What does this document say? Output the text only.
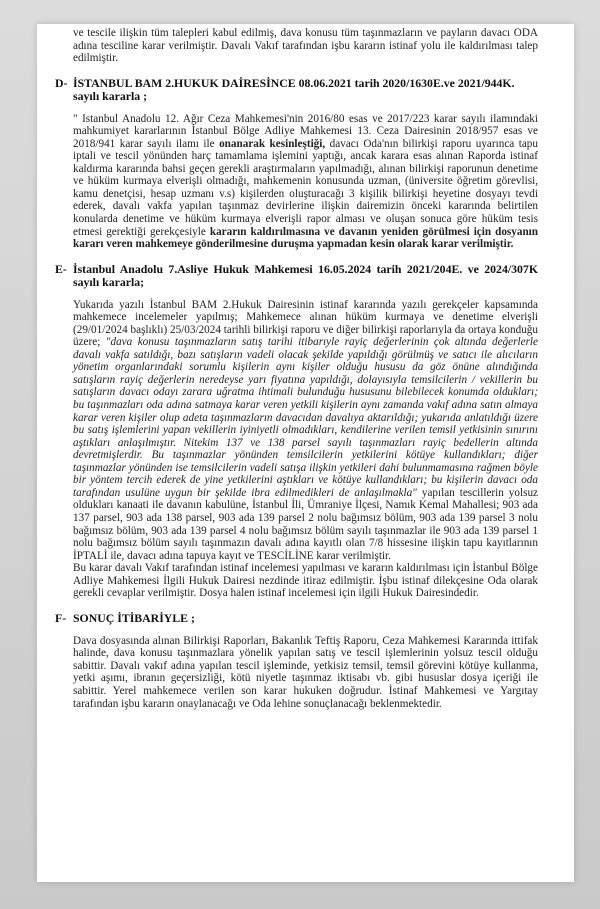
ve tescile ilişkin tüm talepleri kabul edilmiş, dava konusu tüm taşınmazların ve payların davacı ODA adına tesciline karar verilmiştir. Davalı Vakıf tarafından işbu kararın istinaf yolu ile kaldırılması talep edilmiştir.

D- İSTANBUL BAM 2.HUKUK DAİRESİNCE 08.06.2021 tarih 2020/1630E.ve 2021/944K. sayılı kararla ;

" Istanbul Anadolu 12. Ağır Ceza Mahkemesi'nin 2016/80 esas ve 2017/223 karar sayılı ilamındaki mahkumiyet kararlarının İstanbul Bölge Adliye Mahkemesi 13. Ceza Dairesinin 2018/957 esas ve 2018/941 karar sayılı ilamı ile onanarak kesinleştiği, davacı Oda'nın bilirkişi raporu uyarınca tapu iptali ve tescil yönünden harç tamamlama işlemini yaptığı, ancak karara esas alınan Raporda istinaf kaldırma kararında bahsi geçen gerekli araştırmaların yapılmadığı, alınan bilirkişi raporunun denetime ve hüküm kurmaya elverişli olmadığı, mahkemenin konusunda uzman, (üniversite öğretim görevlisi, kamu denetçisi, hesap uzmanı v.s) kişilerden oluşturacağı 3 kişilik bilirkişi heyetine dosyayı tevdi ederek, davalı vakfa yapılan taşınmaz devirlerine ilişkin dairemizin önceki kararında belirtilen konularda denetime ve hüküm kurmaya elverişli rapor alması ve oluşan sonuca göre hüküm tesis etmesi gerektiği gerekçesiyle kararın kaldırılmasına ve davanın yeniden görülmesi için dosyanın kararı veren mahkemeye gönderilmesine duruşma yapmadan kesin olarak karar verilmiştir.

E- İstanbul Anadolu 7.Asliye Hukuk Mahkemesi 16.05.2024 tarih 2021/204E. ve 2024/307K sayılı kararla;

Yukarıda yazılı İstanbul BAM 2.Hukuk Dairesinin istinaf kararında yazılı gerekçeler kapsamında mahkemece incelemeler yapılmış; Mahkemece alınan hüküm kurmaya ve denetime elverişli (29/01/2024 başlıklı) 25/03/2024 tarihli bilirkişi raporu ve diğer bilirkişi raporlarıyla da ortaya konduğu üzere; "dava konusu taşınmazların satış tarihi itibarıyle rayiç değerlerinin çok altında değerlerle davalı vakfa satıldığı, bazı satışların vadeli olacak şekilde yapıldığı görülmüş ve satıcı ile alıcıların yönetim organlarındaki sorumlu kişilerin aynı kişiler olduğu hususu da göz önüne alındığında satışların rayiç değerlerin neredeyse yarı fiyatına yapıldığı, dolayısıyla temsilcilerin / vekillerin bu satışların davacı odayı zarara uğratma ihtimali bulunduğu hususunu bilebilecek konumda oldukları; bu taşınmazları oda adına satmaya karar veren yetkili kişilerin aynı zamanda vakıf adına satın almaya karar veren kişiler olup adeta taşınmazların davacıdan davalıya aktarıldığı; yukarıda anlatıldığı üzere bu satış işlemlerini yapan vekillerin iyiniyetli olmadıkları, kendilerine verilen temsil yetkisinin sınırını aştıkları anlaşılmıştır. Nitekim 137 ve 138 parsel sayılı taşınmazları rayiç bedellerin altında devretmişlerdir. Bu taşınmazlar yönünden temsilcilerin yetkilerini kötüye kullandıkları; diğer taşınmazlar yönünden ise temsilcilerin vadeli satışa ilişkin yetkileri dahi bulunmamasına rağmen böyle bir yöntem tercih ederek de yine yetkilerini aştıkları ve kötüye kullandıkları; bu kişilerin davacı oda tarafından usulüne uygun bir şekilde ibra edilmedikleri de anlaşılmakla" yapılan tescillerin yolsuz oldukları kanaati ile davanın kabulüne, İstanbul İli, Ümraniye İlçesi, Namık Kemal Mahallesi; 903 ada 137 parsel, 903 ada 138 parsel, 903 ada 139 parsel 2 nolu bağımsız bölüm, 903 ada 139 parsel 3 nolu bağımsız bölüm, 903 ada 139 parsel 4 nolu bağımsız bölüm sayılı taşınmazlar ile 903 ada 139 parsel 1 nolu bağımsız bölüm sayılı taşınmazın davalı adına kayıtlı olan 7/8 hissesine ilişkin tapu kayıtlarının İPTALİ ile, davacı adına tapuya kayıt ve TESCİLİNE karar verilmiştir.

Bu karar davalı Vakıf tarafından istinaf incelemesi yapılması ve kararın kaldırılması için İstanbul Bölge Adliye Mahkemesi İlgili Hukuk Dairesi nezdinde itiraz edilmiştir. İşbu istinaf dilekçesine Oda olarak gerekli cevaplar verilmiştir. Dosya halen istinaf incelemesi için ilgili Hukuk Dairesindedir.

F- SONUÇ İTİBARİYLE ;

Dava dosyasında alınan Bilirkişi Raporları, Bakanlık Teftiş Raporu, Ceza Mahkemesi Kararında ittifak halinde, dava konusu taşınmazlara yönelik yapılan satış ve tescil işlemlerinin yolsuz tescil olduğu sabittir. Davalı vakıf adına yapılan tescil işleminde, yetkisiz temsil, temsil görevini kötüye kullanma, yetki aşımı, ibranın geçersizliği, kötü niyetle taşınmaz iktisabı vb. gibi hususlar dosya içeriği ile sabittir. Yerel mahkemece verilen son karar hukuken doğrudur. İstinaf Mahkemesi ve Yargıtay tarafından işbu kararın onaylanacağı ve Oda lehine sonuçlanacağı beklenmektedir.
